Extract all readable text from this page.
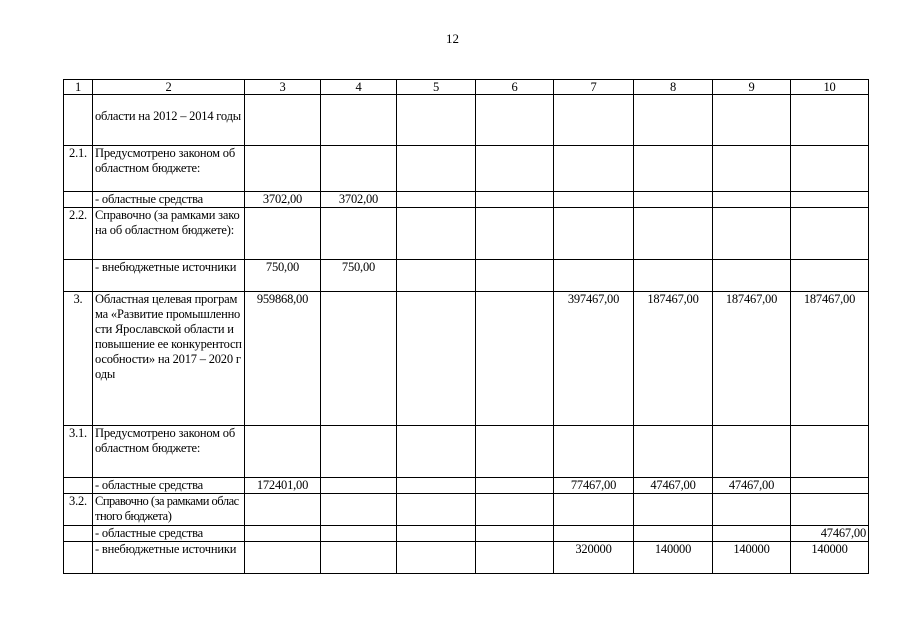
12
1	2	3	4	5	6	7	8	9	10
	области на 2012 – 2014 годы								
2.1.	Предусмотрено законом об областном бюджете:								
	- областные средства	3702,00	3702,00						
2.2.	Справочно (за рамками закона об областном бюджете):								
	- внебюджетные источники	750,00	750,00						
3.	Областная целевая программа «Развитие промышленности Ярославской области и повышение ее конкурентоспособности» на 2017 – 2020 годы	959868,00				397467,00	187467,00	187467,00	187467,00
3.1.	Предусмотрено законом об областном бюджете:								
	- областные средства	172401,00				77467,00	47467,00	47467,00	
3.2.	Справочно (за рамками областного бюджета)								
	- областные средства								47467,00
	- внебюджетные источники					320000	140000	140000	140000
